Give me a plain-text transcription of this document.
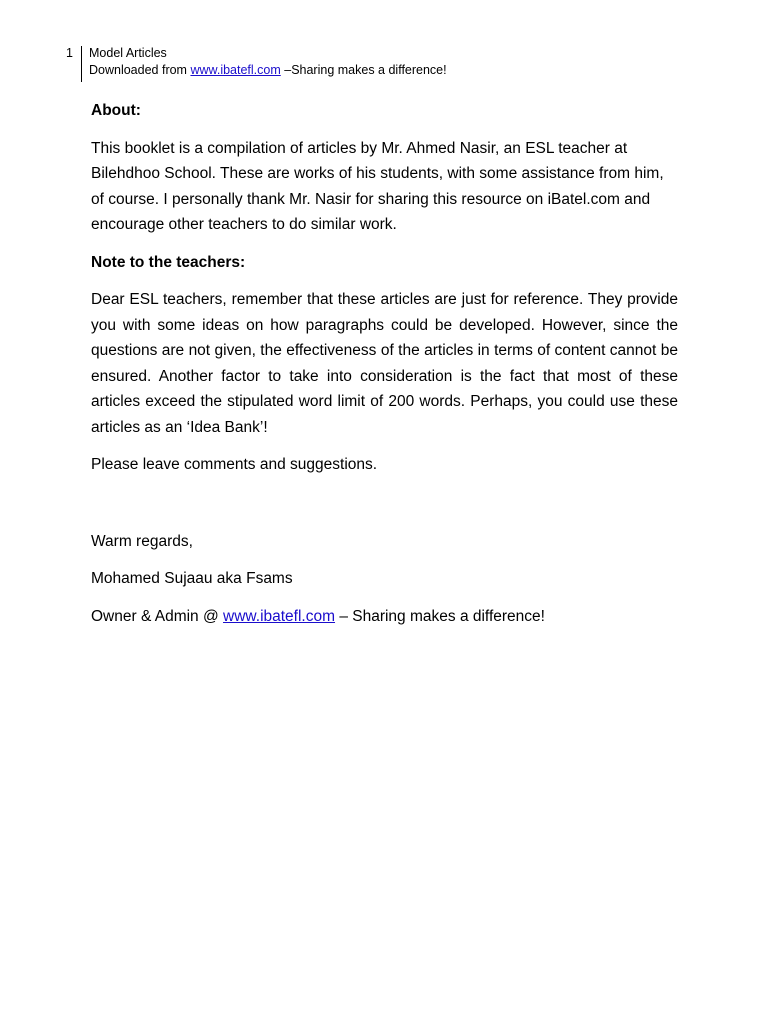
1	Model Articles
Downloaded from www.ibatefl.com –Sharing makes a difference!

About:

This booklet is a compilation of articles by Mr. Ahmed Nasir, an ESL teacher at Bilehdhoo School. These are works of his students, with some assistance from him, of course. I personally thank Mr. Nasir for sharing this resource on iBatel.com and encourage other teachers to do similar work.

Note to the teachers:

Dear ESL teachers, remember that these articles are just for reference. They provide you with some ideas on how paragraphs could be developed. However, since the questions are not given, the effectiveness of the articles in terms of content cannot be ensured. Another factor to take into consideration is the fact that most of these articles exceed the stipulated word limit of 200 words. Perhaps, you could use these articles as an ‘Idea Bank’!

Please leave comments and suggestions.

Warm regards,

Mohamed Sujaau aka Fsams

Owner & Admin @ www.ibatefl.com – Sharing makes a difference!
